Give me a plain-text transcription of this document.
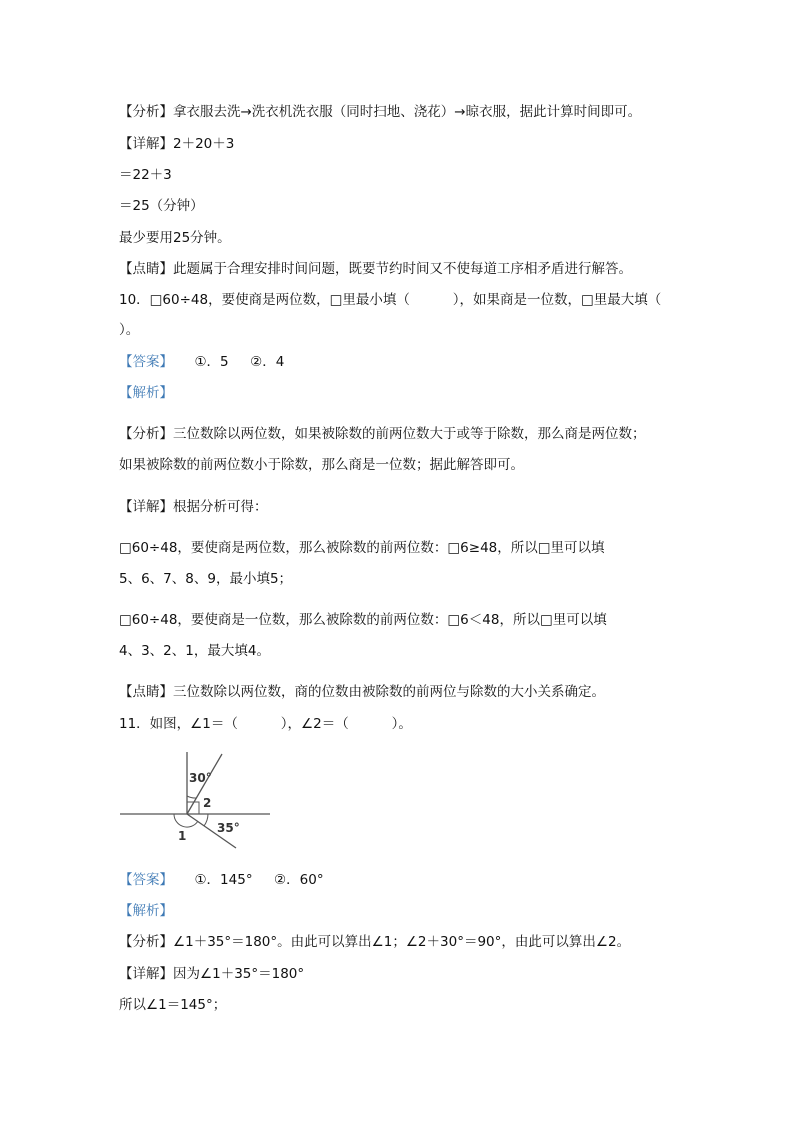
【分析】拿衣服去洗→洗衣机洗衣服（同时扫地、浇花）→晾衣服，据此计算时间即可。
【详解】2＋20＋3
＝22＋3
＝25（分钟）
最少要用25分钟。
【点睛】此题属于合理安排时间问题，既要节约时间又不使每道工序相矛盾进行解答。
10．□60÷48，要使商是两位数，□里最小填（          ），如果商是一位数，□里最大填（
）。
【答案】     ①．5     ②．4
【解析】
【分析】三位数除以两位数，如果被除数的前两位数大于或等于除数，那么商是两位数；
如果被除数的前两位数小于除数，那么商是一位数；据此解答即可。
【详解】根据分析可得：
□60÷48，要使商是两位数，那么被除数的前两位数：□6≥48，所以□里可以填
5、6、7、8、9，最小填5；
□60÷48，要使商是一位数，那么被除数的前两位数：□6＜48，所以□里可以填
4、3、2、1，最大填4。
【点睛】三位数除以两位数，商的位数由被除数的前两位与除数的大小关系确定。
11．如图，∠1＝（          ），∠2＝（          ）。
30°
2
35°
1
【答案】     ①．145°     ②．60°
【解析】
【分析】∠1＋35°＝180°。由此可以算出∠1；∠2＋30°＝90°，由此可以算出∠2。
【详解】因为∠1＋35°＝180°
所以∠1＝145°；
